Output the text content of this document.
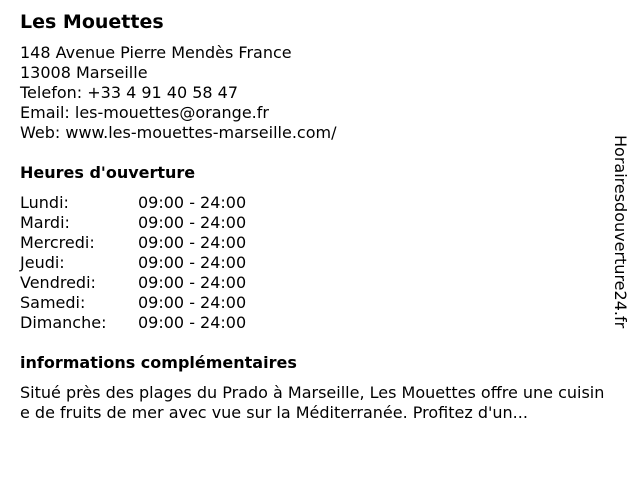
Les Mouettes
148 Avenue Pierre Mendès France
13008 Marseille
Telefon: +33 4 91 40 58 47
Email: les-mouettes@orange.fr
Web: www.les-mouettes-marseille.com/
Heures d'ouverture
Lundi:	09:00 - 24:00
Mardi:	09:00 - 24:00
Mercredi:	09:00 - 24:00
Jeudi:	09:00 - 24:00
Vendredi:	09:00 - 24:00
Samedi:	09:00 - 24:00
Dimanche:	09:00 - 24:00
informations complémentaires
Situé près des plages du Prado à Marseille, Les Mouettes offre une cuisine de fruits de mer avec vue sur la Méditerranée. Profitez d'un...
Horairesdouverture24.fr
